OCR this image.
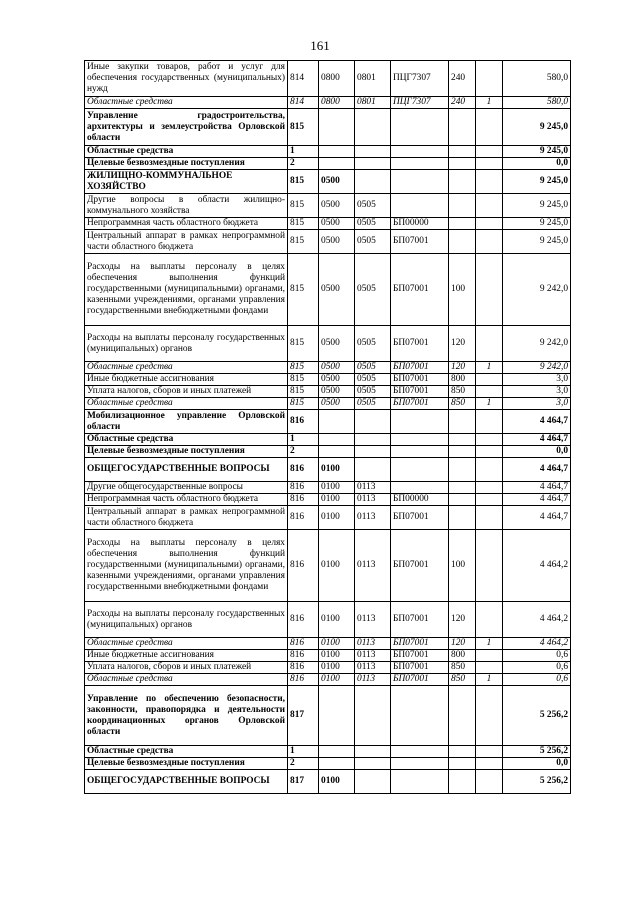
161
Иные закупки товаров, работ и услуг для обеспечения государственных (муниципальных) нужд	814	0800	0801	ПЦГ7307	240		580,0
Областные средства	814	0800	0801	ПЦГ7307	240	1	580,0
Управление градостроительства, архитектуры и землеустройства Орловской области	815						9 245,0
Областные средства	1						9 245,0
Целевые безвозмездные поступления	2						0,0
ЖИЛИЩНО-КОММУНАЛЬНОЕ ХОЗЯЙСТВО	815	0500					9 245,0
Другие вопросы в области жилищно-коммунального хозяйства	815	0500	0505				9 245,0
Непрограммная часть областного бюджета	815	0500	0505	БП00000			9 245,0
Центральный аппарат в рамках непрограммной части областного бюджета	815	0500	0505	БП07001			9 245,0
Расходы на выплаты персоналу в целях обеспечения выполнения функций государственными (муниципальными) органами, казенными учреждениями, органами управления государственными внебюджетными фондами	815	0500	0505	БП07001	100		9 242,0
Расходы на выплаты персоналу государственных (муниципальных) органов	815	0500	0505	БП07001	120		9 242,0
Областные средства	815	0500	0505	БП07001	120	1	9 242,0
Иные бюджетные ассигнования	815	0500	0505	БП07001	800		3,0
Уплата налогов, сборов и иных платежей	815	0500	0505	БП07001	850		3,0
Областные средства	815	0500	0505	БП07001	850	1	3,0
Мобилизационное управление Орловской области	816						4 464,7
Областные средства	1						4 464,7
Целевые безвозмездные поступления	2						0,0
ОБЩЕГОСУДАРСТВЕННЫЕ ВОПРОСЫ	816	0100					4 464,7
Другие общегосударственные вопросы	816	0100	0113				4 464,7
Непрограммная часть областного бюджета	816	0100	0113	БП00000			4 464,7
Центральный аппарат в рамках непрограммной части областного бюджета	816	0100	0113	БП07001			4 464,7
Расходы на выплаты персоналу в целях обеспечения выполнения функций государственными (муниципальными) органами, казенными учреждениями, органами управления государственными внебюджетными фондами	816	0100	0113	БП07001	100		4 464,2
Расходы на выплаты персоналу государственных (муниципальных) органов	816	0100	0113	БП07001	120		4 464,2
Областные средства	816	0100	0113	БП07001	120	1	4 464,2
Иные бюджетные ассигнования	816	0100	0113	БП07001	800		0,6
Уплата налогов, сборов и иных платежей	816	0100	0113	БП07001	850		0,6
Областные средства	816	0100	0113	БП07001	850	1	0,6
Управление по обеспечению безопасности, законности, правопорядка и деятельности координационных органов Орловской области	817						5 256,2
Областные средства	1						5 256,2
Целевые безвозмездные поступления	2						0,0
ОБЩЕГОСУДАРСТВЕННЫЕ ВОПРОСЫ	817	0100					5 256,2
